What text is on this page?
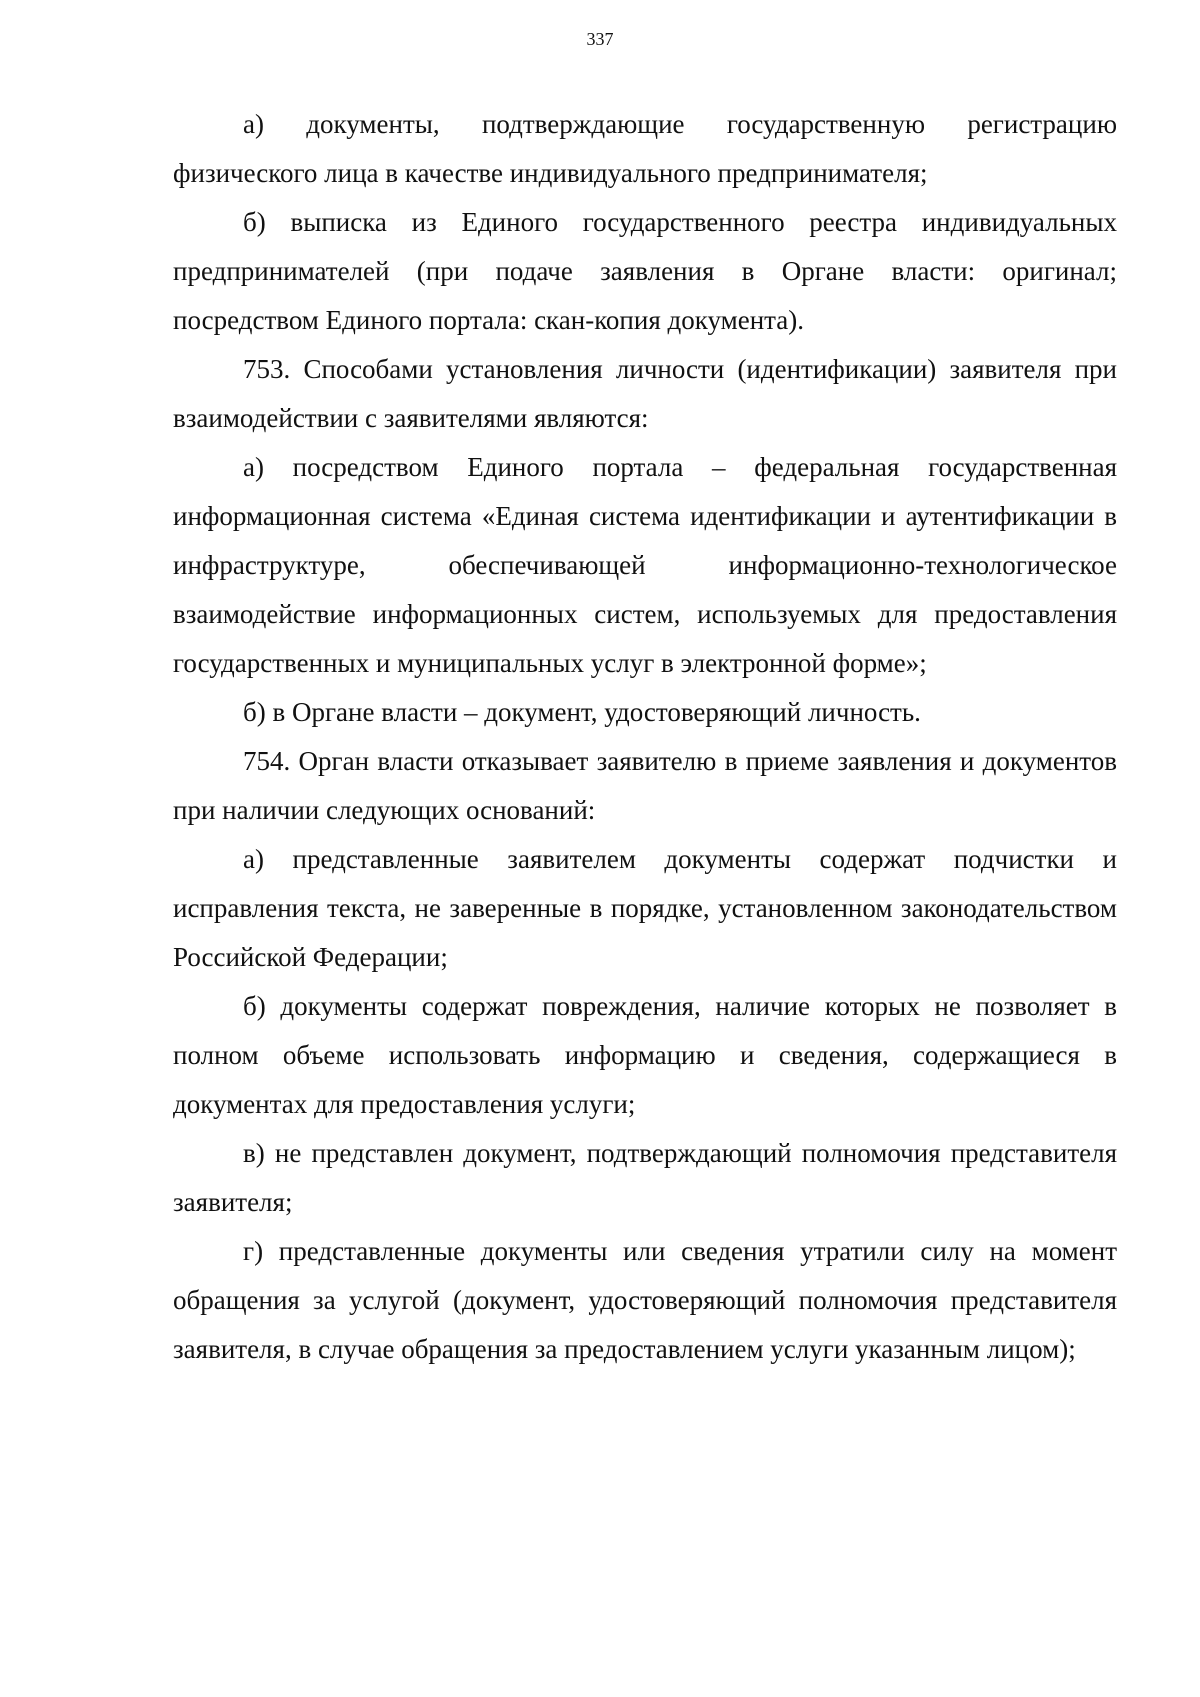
337

а) документы, подтверждающие государственную регистрацию физического лица в качестве индивидуального предпринимателя;

б) выписка из Единого государственного реестра индивидуальных предпринимателей (при подаче заявления в Органе власти: оригинал; посредством Единого портала: скан-копия документа).

753. Способами установления личности (идентификации) заявителя при взаимодействии с заявителями являются:

а) посредством Единого портала – федеральная государственная информационная система «Единая система идентификации и аутентификации в инфраструктуре, обеспечивающей информационно-технологическое взаимодействие информационных систем, используемых для предоставления государственных и муниципальных услуг в электронной форме»;

б) в Органе власти – документ, удостоверяющий личность.

754. Орган власти отказывает заявителю в приеме заявления и документов при наличии следующих оснований:

а) представленные заявителем документы содержат подчистки и исправления текста, не заверенные в порядке, установленном законодательством Российской Федерации;

б) документы содержат повреждения, наличие которых не позволяет в полном объеме использовать информацию и сведения, содержащиеся в документах для предоставления услуги;

в) не представлен документ, подтверждающий полномочия представителя заявителя;

г) представленные документы или сведения утратили силу на момент обращения за услугой (документ, удостоверяющий полномочия представителя заявителя, в случае обращения за предоставлением услуги указанным лицом);
